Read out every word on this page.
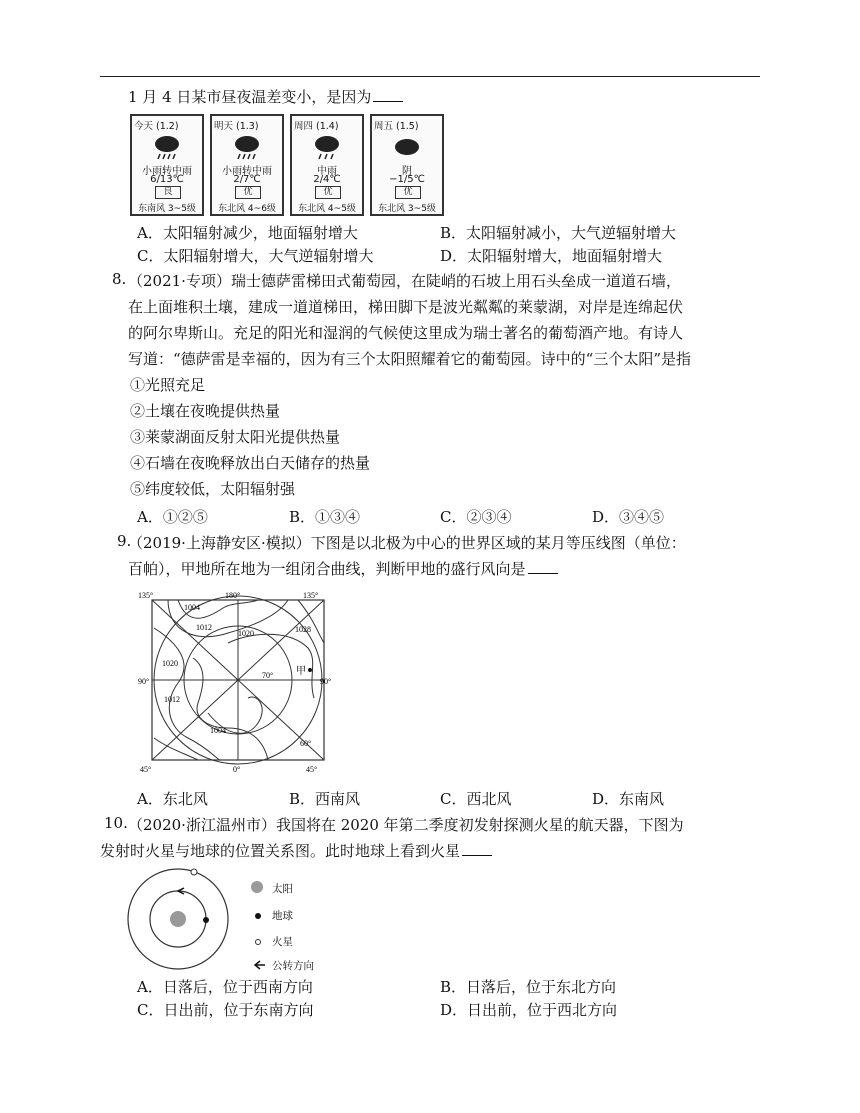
1 月 4 日某市昼夜温差变小，是因为
今天 (1.2)
小雨转中雨
6/13℃
良
东南风 3~5级
明天 (1.3)
小雨转中雨
2/7℃
优
东北风 4~6级
周四 (1.4)
中雨
2/4℃
优
东北风 4~5级
周五 (1.5)
阴
−1/5℃
优
东北风 3~5级
A．太阳辐射减少，地面辐射增大	B．太阳辐射减小，大气逆辐射增大
C．太阳辐射增大，大气逆辐射增大	D．太阳辐射增大，地面辐射增大
8. （2021·专项）瑞士德萨雷梯田式葡萄园，在陡峭的石坡上用石头垒成一道道石墙，
在上面堆积土壤，建成一道道梯田，梯田脚下是波光粼粼的莱蒙湖，对岸是连绵起伏
的阿尔卑斯山。充足的阳光和湿润的气候使这里成为瑞士著名的葡萄酒产地。有诗人
写道：“德萨雷是幸福的，因为有三个太阳照耀着它的葡萄园。诗中的“三个太阳”是指
①光照充足
②土壤在夜晚提供热量
③莱蒙湖面反射太阳光提供热量
④石墙在夜晚释放出白天储存的热量
⑤纬度较低，太阳辐射强
A．①②⑤	B．①③④	C．②③④	D．③④⑤
9.
（2019·上海静安区·模拟）下图是以北极为中心的世界区域的某月等压线图（单位：
百帕），甲地所在地为一组闭合曲线，判断甲地的盛行风向是
135°	180°	135°
90°	90°
45°	0°	45°
70°
60°
1004
1012
1020	1028
1020
1012
1004
甲
A．东北风	B．西南风	C．西北风	D．东南风
10. （2020·浙江温州市）我国将在 2020 年第二季度初发射探测火星的航天器，下图为
发射时火星与地球的位置关系图。此时地球上看到火星
太阳
地球
火星
公转方向
A．日落后，位于西南方向	B．日落后，位于东北方向
C．日出前，位于东南方向	D．日出前，位于西北方向
